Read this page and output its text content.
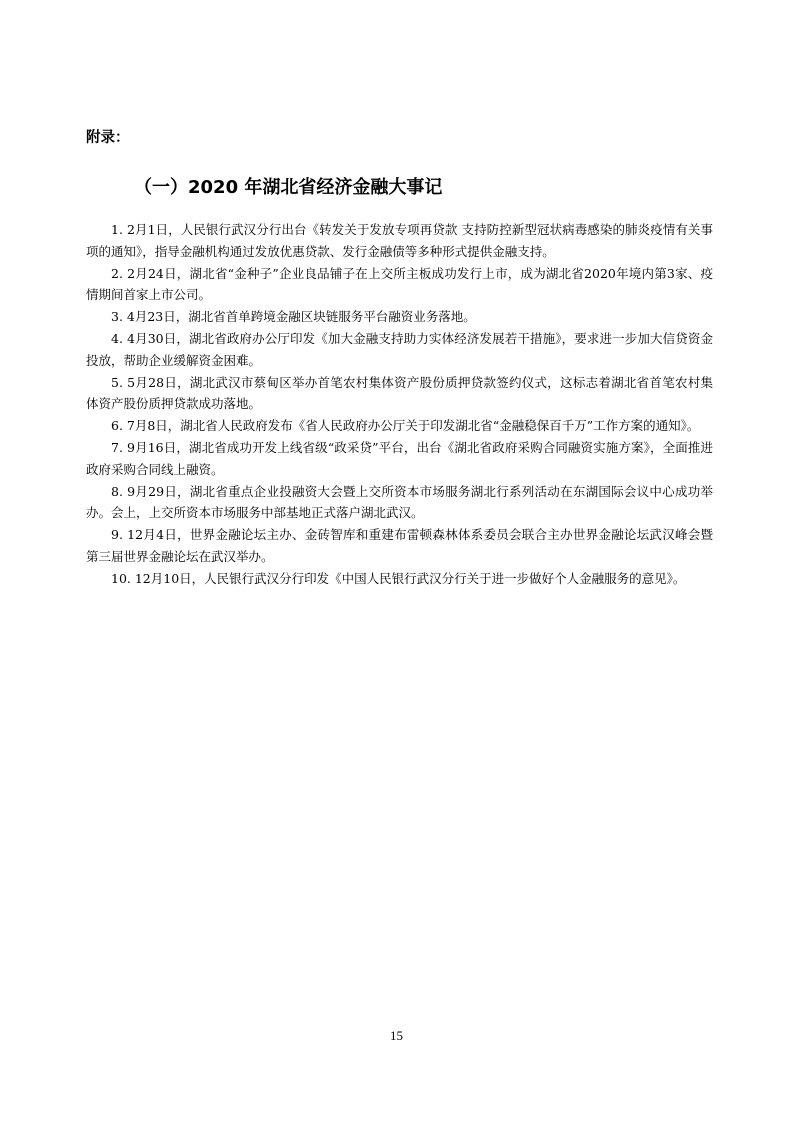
附录：
（一）2020 年湖北省经济金融大事记
1. 2月1日，人民银行武汉分行出台《转发关于发放专项再贷款 支持防控新型冠状病毒感染的肺炎疫情有关事项的通知》，指导金融机构通过发放优惠贷款、发行金融债等多种形式提供金融支持。
2. 2月24日，湖北省“金种子”企业良品铺子在上交所主板成功发行上市，成为湖北省2020年境内第3家、疫情期间首家上市公司。
3. 4月23日，湖北省首单跨境金融区块链服务平台融资业务落地。
4. 4月30日，湖北省政府办公厅印发《加大金融支持助力实体经济发展若干措施》，要求进一步加大信贷资金投放，帮助企业缓解资金困难。
5. 5月28日，湖北武汉市蔡甸区举办首笔农村集体资产股份质押贷款签约仪式，这标志着湖北省首笔农村集体资产股份质押贷款成功落地。
6. 7月8日，湖北省人民政府发布《省人民政府办公厅关于印发湖北省“金融稳保百千万”工作方案的通知》。
7. 9月16日，湖北省成功开发上线省级“政采贷”平台，出台《湖北省政府采购合同融资实施方案》，全面推进政府采购合同线上融资。
8. 9月29日，湖北省重点企业投融资大会暨上交所资本市场服务湖北行系列活动在东湖国际会议中心成功举办。会上，上交所资本市场服务中部基地正式落户湖北武汉。
9. 12月4日，世界金融论坛主办、金砖智库和重建布雷顿森林体系委员会联合主办世界金融论坛武汉峰会暨第三届世界金融论坛在武汉举办。
10. 12月10日，人民银行武汉分行印发《中国人民银行武汉分行关于进一步做好个人金融服务的意见》。
15
